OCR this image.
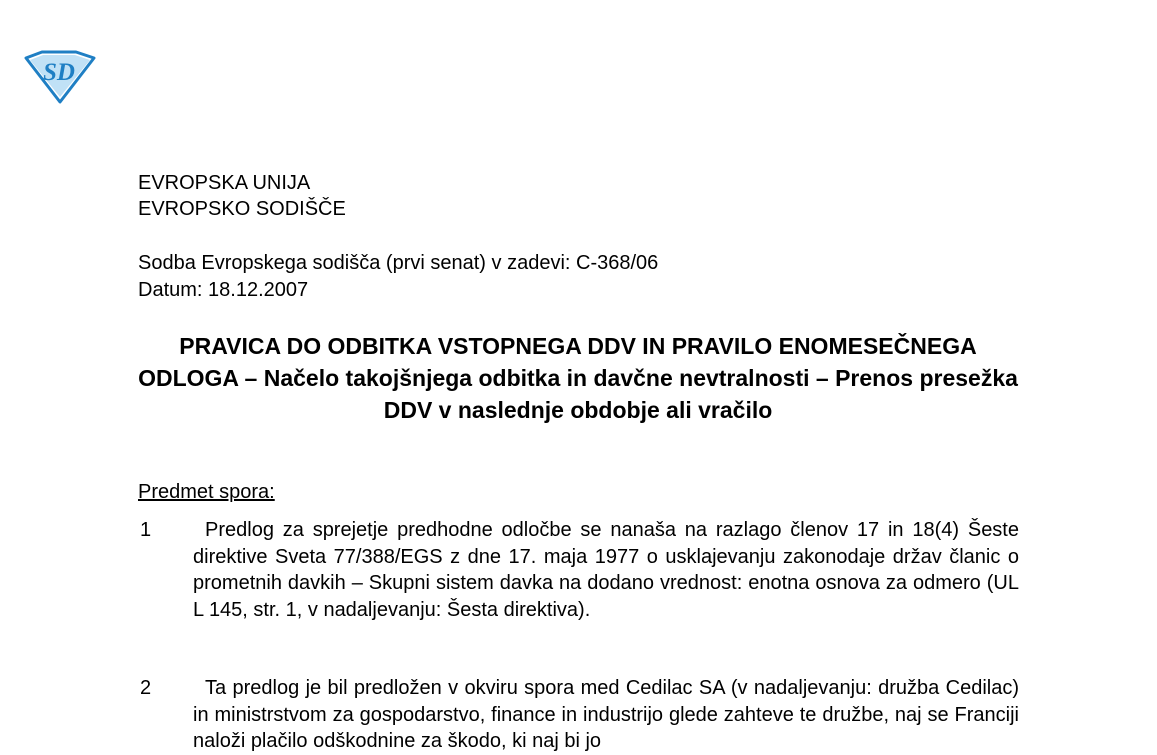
SD

EVROPSKA UNIJA

EVROPSKO SODIŠČE

Sodba Evropskega sodišča (prvi senat) v zadevi: C-368/06

Datum: 18.12.2007

PRAVICA DO ODBITKA VSTOPNEGA DDV IN PRAVILO ENOMESEČNEGA ODLOGA – Načelo takojšnjega odbitka in davčne nevtralnosti – Prenos presežka DDV v naslednje obdobje ali vračilo

Predmet spora:

1	Predlog za sprejetje predhodne odločbe se nanaša na razlago členov 17 in 18(4) Šeste direktive Sveta 77/388/EGS z dne 17. maja 1977 o usklajevanju zakonodaje držav članic o prometnih davkih – Skupni sistem davka na dodano vrednost: enotna osnova za odmero (UL L 145, str. 1, v nadaljevanju: Šesta direktiva).
2	Ta predlog je bil predložen v okviru spora med Cedilac SA (v nadaljevanju: družba Cedilac) in ministrstvom za gospodarstvo, finance in industrijo glede zahteve te družbe, naj se Franciji naloži plačilo odškodnine za škodo, ki naj bi jo
